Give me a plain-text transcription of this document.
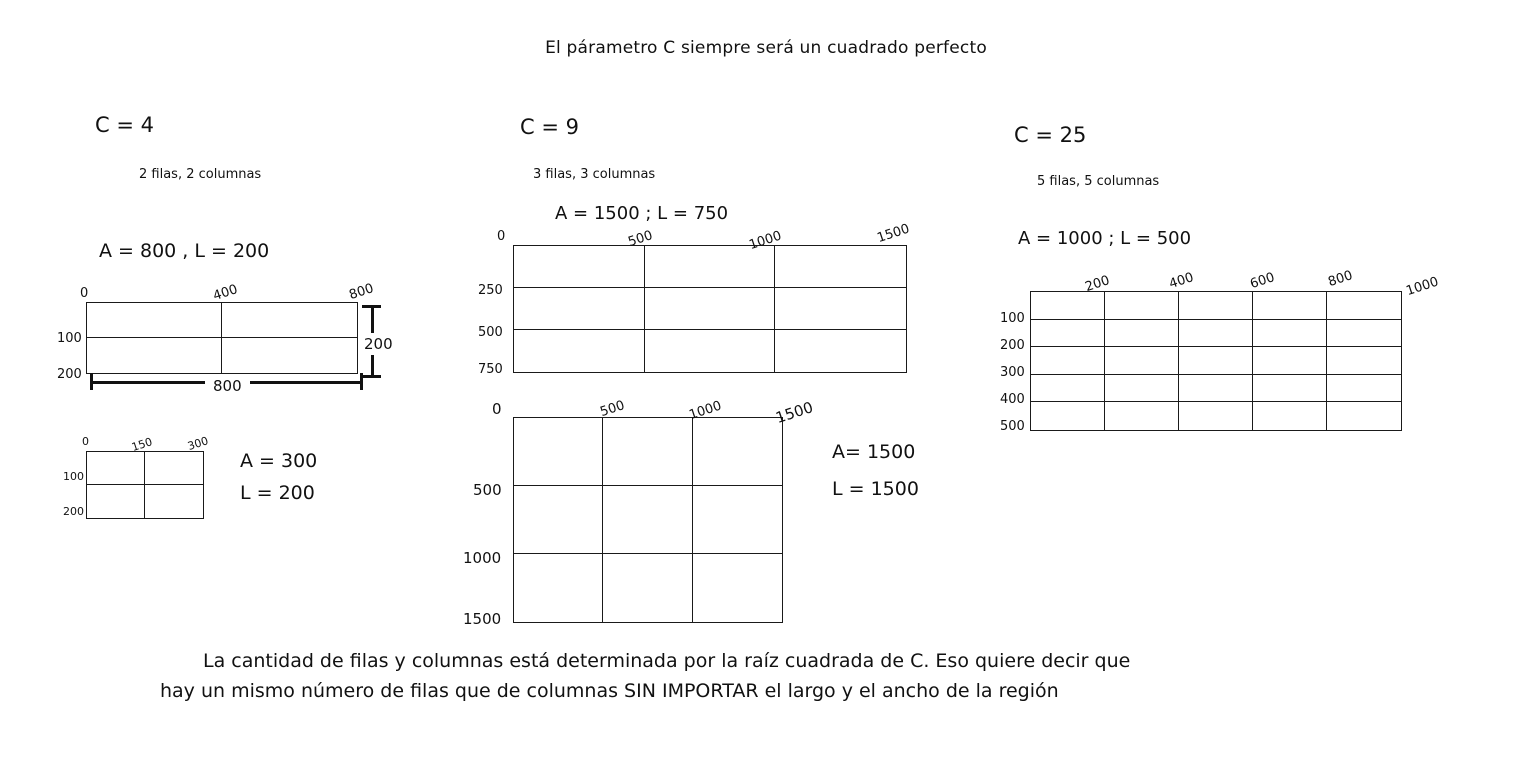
El párametro C siempre será un cuadrado perfecto
C = 4
2 filas, 2 columnas
A = 800 , L = 200
0	400	800
100
200
800
200
0	150	300
100
200
A = 300
L = 200
C = 9
3 filas, 3 columnas
A = 1500 ; L = 750
0	500	1000	1500
250
500
750
0	500	1000	1500
500
1000
1500
A= 1500
L = 1500
C = 25
5 filas, 5 columnas
A = 1000 ; L = 500
200	400	600	800	1000
100
200
300
400
500
La cantidad de filas y columnas está determinada por la raíz cuadrada de C. Eso quiere decir que
hay un mismo número de filas que de columnas SIN IMPORTAR el largo y el ancho de la región
